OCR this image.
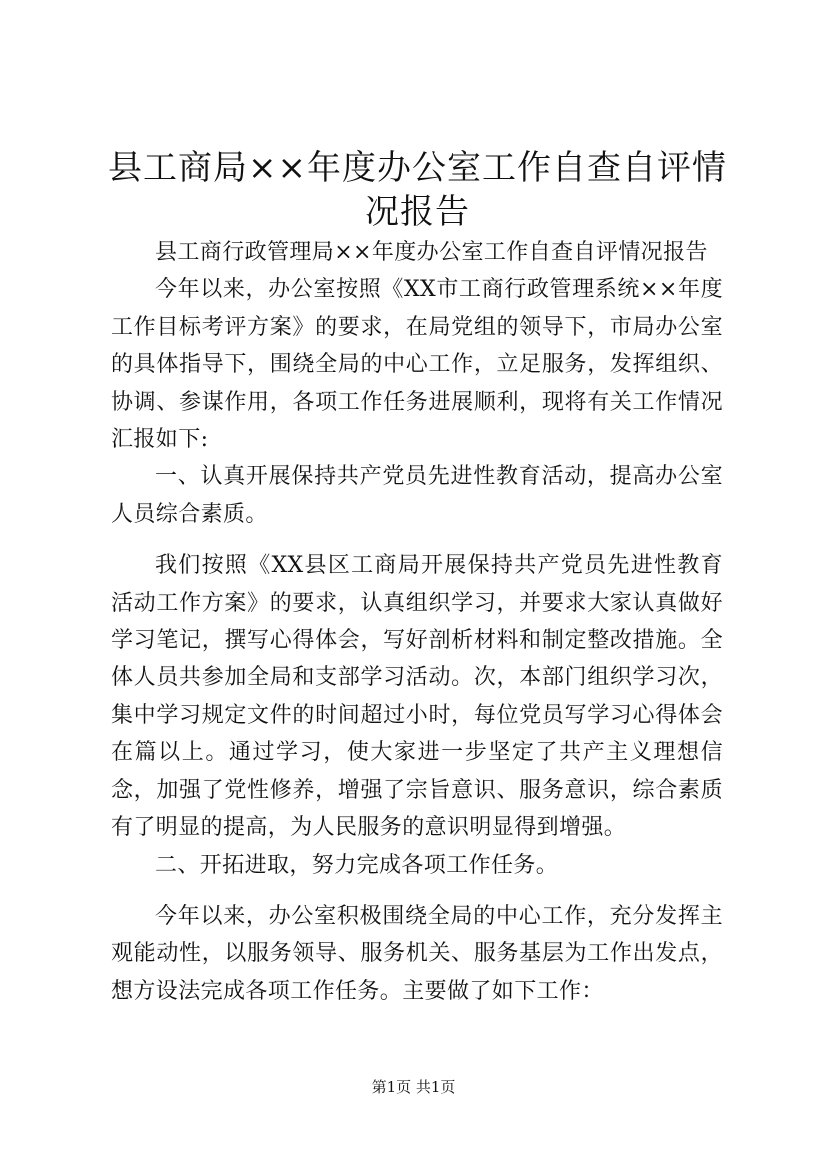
县工商局××年度办公室工作自查自评情况报告

县工商行政管理局××年度办公室工作自查自评情况报告

今年以来，办公室按照《XX市工商行政管理系统××年度工作目标考评方案》的要求，在局党组的领导下，市局办公室的具体指导下，围绕全局的中心工作，立足服务，发挥组织、协调、参谋作用，各项工作任务进展顺利，现将有关工作情况汇报如下:

一、认真开展保持共产党员先进性教育活动，提高办公室人员综合素质。

我们按照《XX县区工商局开展保持共产党员先进性教育活动工作方案》的要求，认真组织学习，并要求大家认真做好学习笔记，撰写心得体会，写好剖析材料和制定整改措施。全体人员共参加全局和支部学习活动。次，本部门组织学习次，集中学习规定文件的时间超过小时，每位党员写学习心得体会在篇以上。通过学习，使大家进一步坚定了共产主义理想信念，加强了党性修养，增强了宗旨意识、服务意识，综合素质有了明显的提高，为人民服务的意识明显得到增强。

二、开拓进取，努力完成各项工作任务。

今年以来，办公室积极围绕全局的中心工作，充分发挥主观能动性，以服务领导、服务机关、服务基层为工作出发点，想方设法完成各项工作任务。主要做了如下工作：

第1页 共1页
